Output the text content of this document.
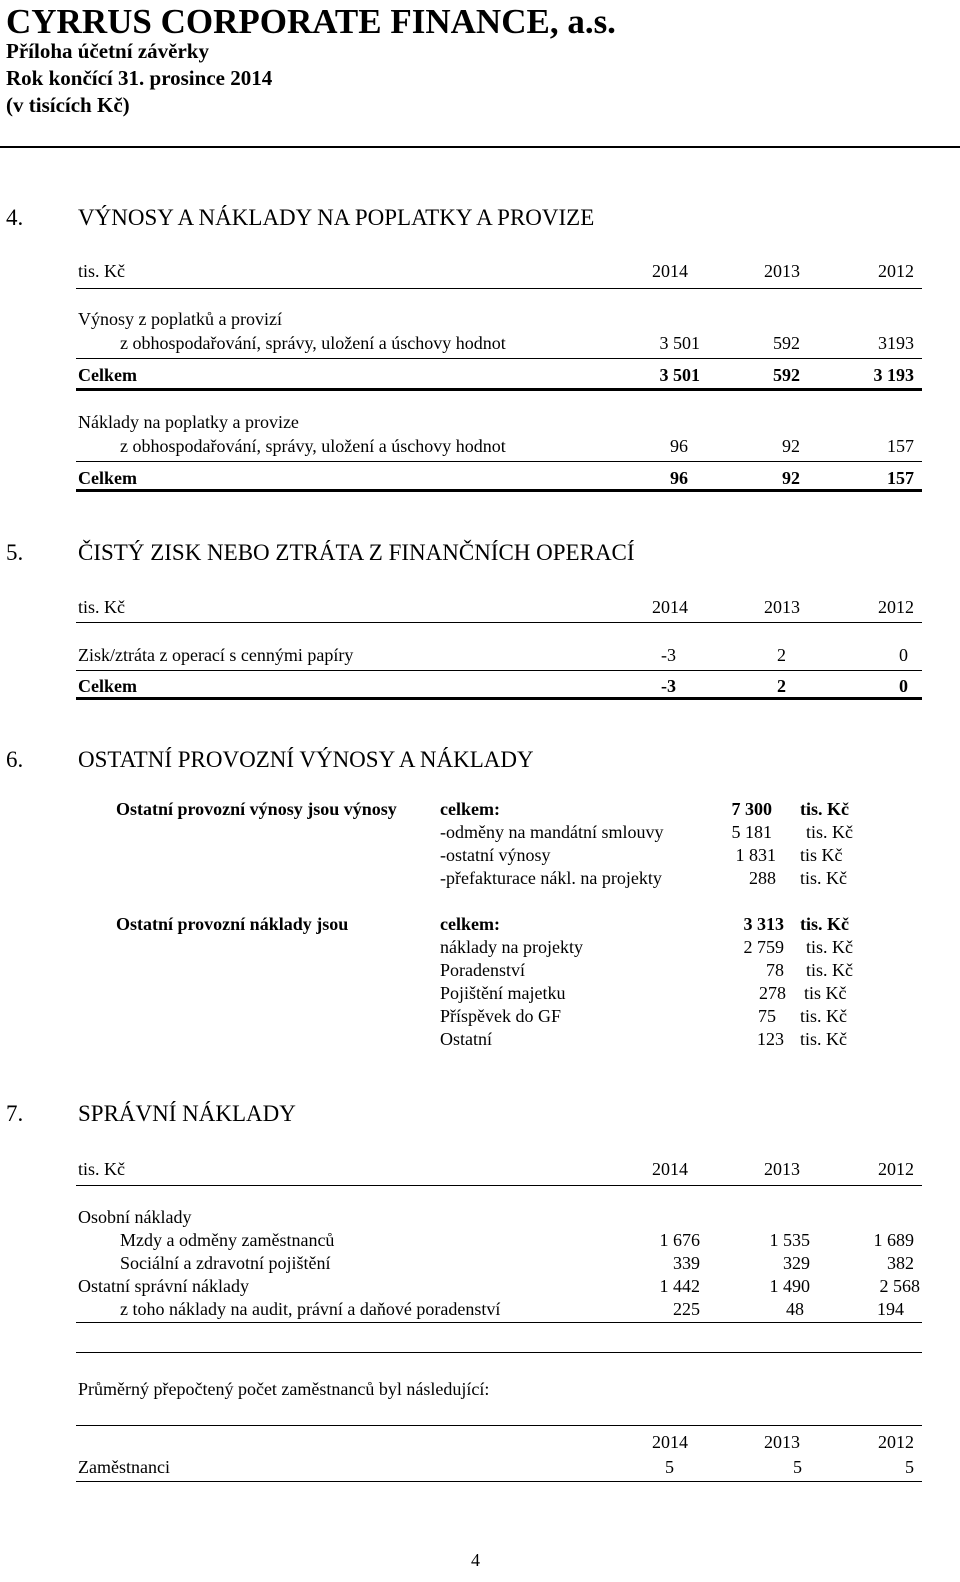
CYRRUS CORPORATE FINANCE, a.s.
Příloha účetní závěrky
Rok končící 31. prosince 2014
(v tisících Kč)
4. VÝNOSY A NÁKLADY NA POPLATKY A PROVIZE
tis. Kč	2014	2013	2012
Výnosy z poplatků a provizí
z obhospodařování, správy, uložení a úschovy hodnot	3 501	592	3193
Celkem	3 501	592	3 193
Náklady na poplatky a provize
z obhospodařování, správy, uložení a úschovy hodnot	96	92	157
Celkem	96	92	157
5. ČISTÝ ZISK NEBO ZTRÁTA Z FINANČNÍCH OPERACÍ
tis. Kč	2014	2013	2012
Zisk/ztráta z operací s cennými papíry	-3	2	0
Celkem	-3	2	0
6. OSTATNÍ PROVOZNÍ VÝNOSY A NÁKLADY
Ostatní provozní výnosy jsou výnosy celkem:	7 300 tis. Kč
-odměny na mandátní smlouvy	5 181 tis. Kč
-ostatní výnosy	1 831 tis Kč
-přefakturace nákl. na projekty	288 tis. Kč
Ostatní provozní náklady jsou	celkem:	3 313 tis. Kč
náklady na projekty	2 759 tis. Kč
Poradenství	78 tis. Kč
Pojištění majetku	278 tis Kč
Příspěvek do GF	75 tis. Kč
Ostatní	123 tis. Kč
7. SPRÁVNÍ NÁKLADY
tis. Kč	2014	2013	2012
Osobní náklady
Mzdy a odměny zaměstnanců	1 676	1 535	1 689
Sociální a zdravotní pojištění	339	329	382
Ostatní správní náklady	1 442	1 490	2 568
z toho náklady na audit, právní a daňové poradenství	225	48	194
Průměrný přepočtený počet zaměstnanců byl následující:
2014	2013	2012
Zaměstnanci	5	5	5
4
